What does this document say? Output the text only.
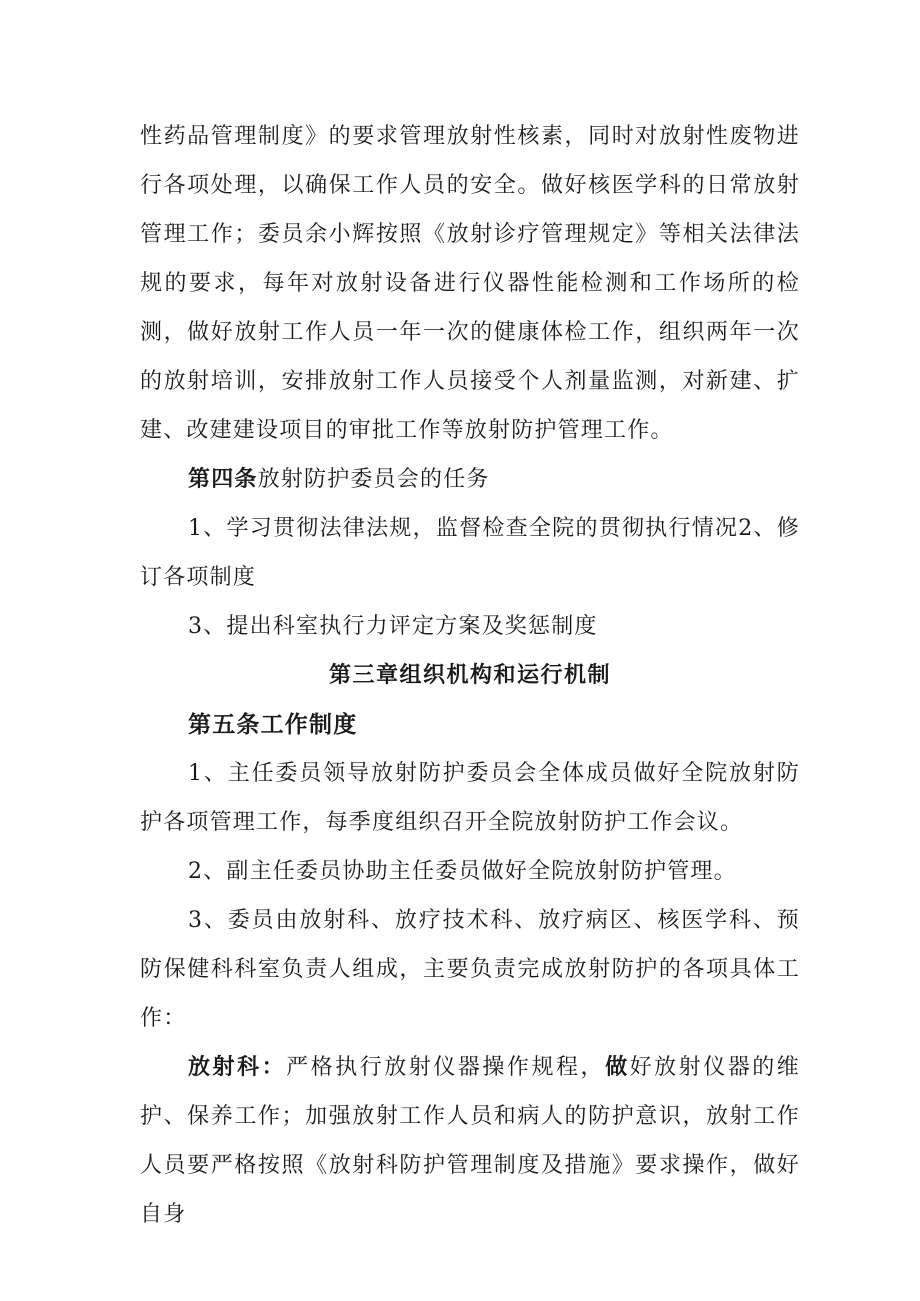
性药品管理制度》的要求管理放射性核素，同时对放射性废物进行各项处理，以确保工作人员的安全。做好核医学科的日常放射管理工作；委员余小辉按照《放射诊疗管理规定》等相关法律法规的要求，每年对放射设备进行仪器性能检测和工作场所的检测，做好放射工作人员一年一次的健康体检工作，组织两年一次的放射培训，安排放射工作人员接受个人剂量监测，对新建、扩建、改建建设项目的审批工作等放射防护管理工作。

第四条放射防护委员会的任务

1、学习贯彻法律法规，监督检查全院的贯彻执行情况2、修订各项制度

3、提出科室执行力评定方案及奖惩制度

第三章组织机构和运行机制

第五条工作制度

1、主任委员领导放射防护委员会全体成员做好全院放射防护各项管理工作，每季度组织召开全院放射防护工作会议。

2、副主任委员协助主任委员做好全院放射防护管理。

3、委员由放射科、放疗技术科、放疗病区、核医学科、预防保健科科室负责人组成，主要负责完成放射防护的各项具体工作：

放射科：严格执行放射仪器操作规程，做好放射仪器的维护、保养工作；加强放射工作人员和病人的防护意识，放射工作人员要严格按照《放射科防护管理制度及措施》要求操作，做好自身
